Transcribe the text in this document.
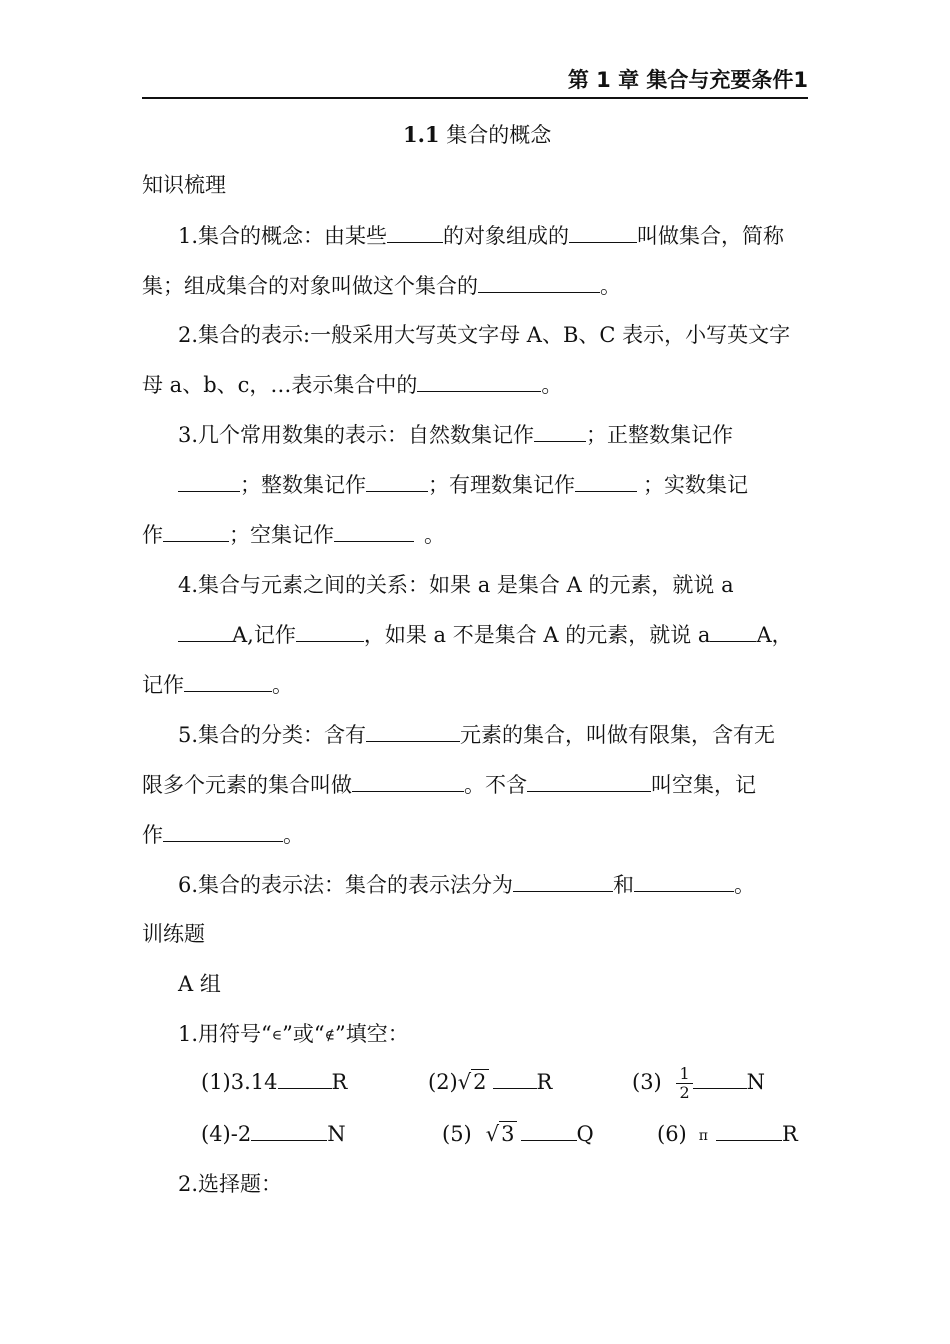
第 1 章 集合与充要条件1
1.1 集合的概念
知识梳理
1.集合的概念：由某些	的对象组成的	叫做集合，简称
集；组成集合的对象叫做这个集合的	。
2.集合的表示:一般采用大写英文字母 A、B、C 表示，小写英文字
母 a、b、c，…表示集合中的	。
3.几个常用数集的表示：自然数集记作 ；正整数集记作
；整数集记作	；有理数集记作	；实数集记
作	；空集记作	。
4.集合与元素之间的关系：如果 a 是集合 A 的元素，就说 a
A,记作	，如果 a 不是集合 A 的元素，就说 a A，
记作	。
5.集合的分类：含有	元素的集合，叫做有限集，含有无
限多个元素的集合叫做	。不含	叫空集，记
作	。
6.集合的表示法：集合的表示法分为	和	。
训练题
A 组
1.用符号“∈”或“∉”填空：
(1)3.14	R	(2)√2 R	$(3) \frac{1}{2}$	N
(4)-2	N	(5) √3	Q	(6) π	R
2.选择题：
